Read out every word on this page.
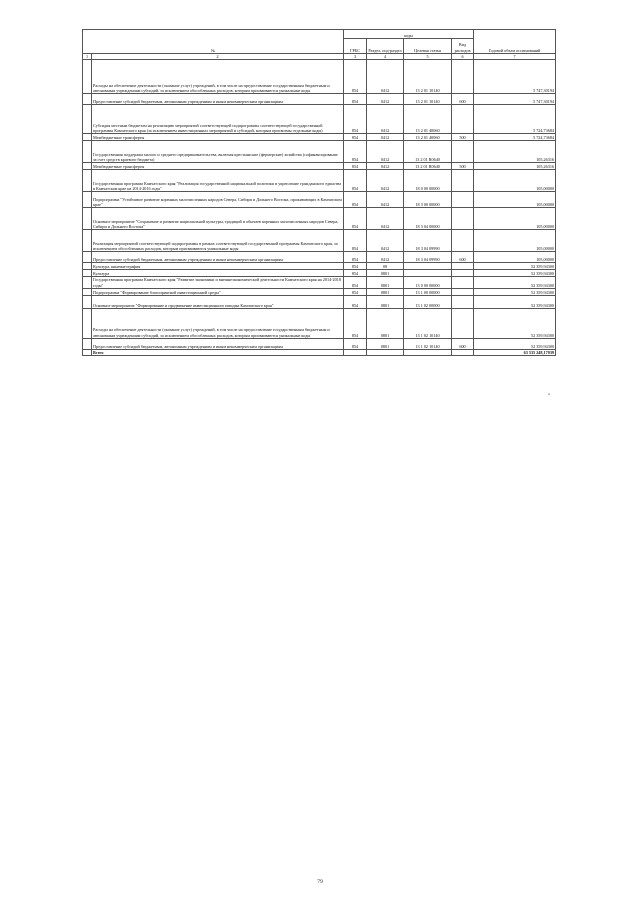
№		коды				Годовой объем ассигнований
		ГРБС	Раздел, под-раздел	Целевая статья	Вид расходов	
1	2	3	4	5	6	7
	Расходы на обеспечение деятельности (оказание услуг) учреждений, в том числе на предоставление государственным бюджетным и автономным учреждениям субсидий, за исключением обособленных расходов, которым присваиваются уникальные коды	854	0412	13 2 01 10140		5 747,30194
	Предоставление субсидий бюджетным, автономным учреждениям и иным некоммерческим организациям	854	0412	13 2 01 10140	600	5 747,30194
	Субсидия местным бюджетам на реализацию мероприятий соответствующей подпрограммы соответствующей государственной программы Камчатского края (за исключением инвестиционных мероприятий и субсидий, которым присвоены отдельные коды)	854	0412	13 2 01 40060		5 724,73684
	Межбюджетные трансферты	854	0412	13 2 01 40060	500	5 724,73684
	Государственная поддержка малого и среднего предпринимательства, включая крестьянские (фермерские) хозяйства (софинансирование за счет средств краевого бюджета)	854	0412	13 2 01 R0640		105,26316
	Межбюджетные трансферты	854	0412	13 2 01 R0640	500	105,26316
	Государственная программа Камчатского края "Реализация государственной национальной политики и укрепление гражданского единства в Камчатском крае на 2014-2016 годы"	854	0412	18 0 00 00000		105,00000
	Подпрограмма "Устойчивое развитие коренных малочисленных народов Севера, Сибири и Дальнего Востока, проживающих в Камчатском крае"	854	0412	18 3 00 00000		105,00000
	Основное мероприятие "Сохранение и развитие национальной культуры, традиций и обычаев коренных малочисленных народов Севера, Сибири и Дальнего Востока"	854	0412	18 3 04 00000		105,00000
	Реализация мероприятий соответствующей подпрограммы в рамках соответствующей государственной программы Камчатского края, за исключением обособленных расходов, которым присваиваются уникальные коды	854	0412	18 3 04 09990		105,00000
	Предоставление субсидий бюджетным, автономным учреждениям и иным некоммерческим организациям	854	0412	18 3 04 09990	600	105,00000
	Культура, кинематография	854	08			52 359,94300
	Культура	854	0801			52 359,94300
	Государственная программа Камчатского края "Развитие экономики и внешнеэкономической деятельности Камчатского края на 2014-2018 годы"	854	0801	13 0 00 00000		52 359,94300
	Подпрограмма "Формирование благоприятной инвестиционной среды"	854	0801	13 1 00 00000		52 359,94300
	Основное мероприятие "Формирование и продвижение инвестиционного имиджа Камчатского края"	854	0801	13 1 02 00000		52 359,94300
	Расходы на обеспечение деятельности (оказание услуг) учреждений, в том числе на предоставление государственным бюджетным и автономным учреждениям субсидий, за исключением обособленных расходов, которым присваиваются уникальные коды	854	0801	13 1 02 10140		52 359,94300
	Предоставление субсидий бюджетным, автономным учреждениям и иным некоммерческим организациям	854	0801	13 1 02 10140	600	52 359,94300
	Всего					63 535 248,17039
»
79
